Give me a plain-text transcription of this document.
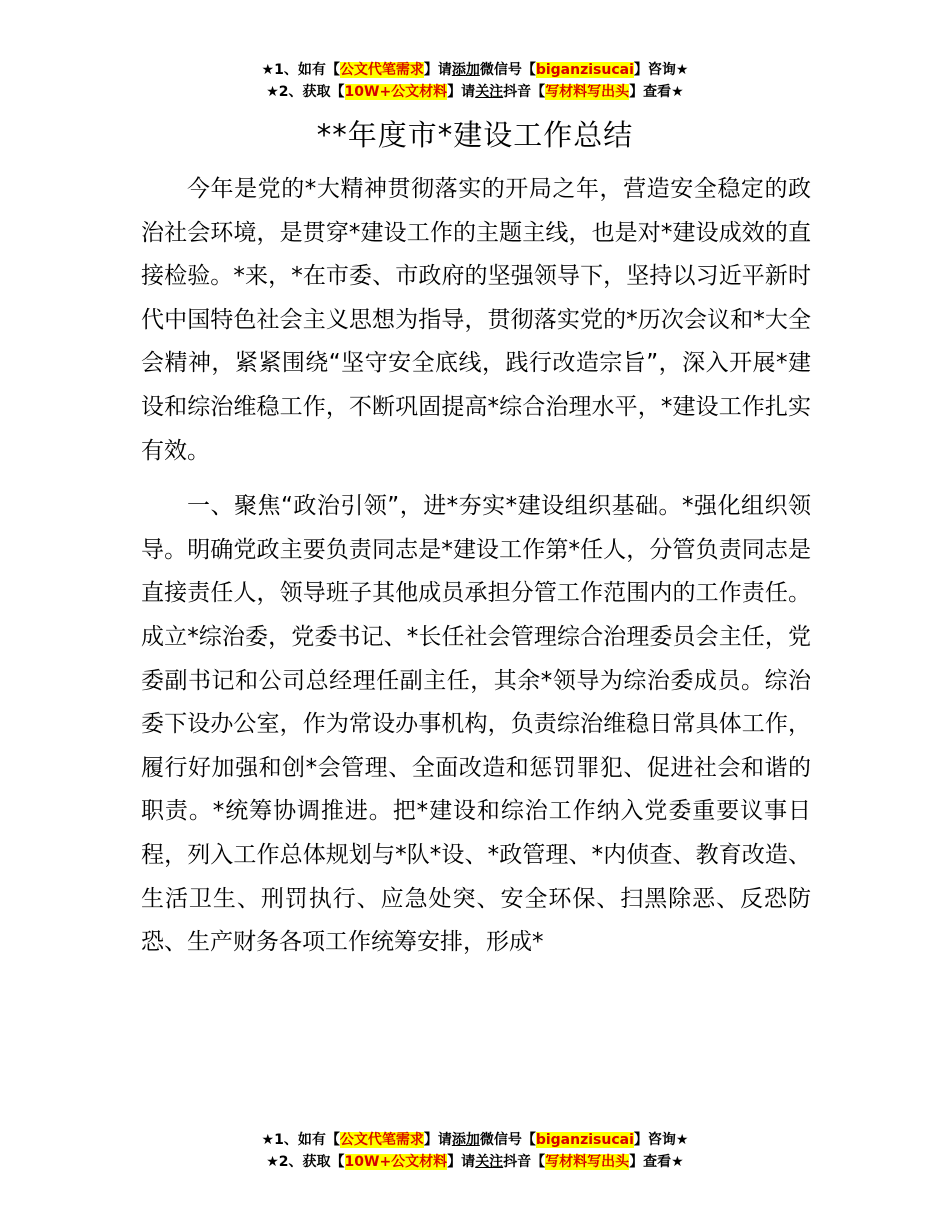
★1、如有【公文代笔需求】请添加微信号【biganzisucai】咨询★
★2、获取【10W+公文材料】请关注抖音【写材料写出头】查看★
**年度市*建设工作总结

今年是党的*大精神贯彻落实的开局之年，营造安全稳定的政治社会环境，是贯穿*建设工作的主题主线，也是对*建设成效的直接检验。*来，*在市委、市政府的坚强领导下，坚持以习近平新时代中国特色社会主义思想为指导，贯彻落实党的*历次会议和*大全会精神，紧紧围绕“坚守安全底线，践行改造宗旨”，深入开展*建设和综治维稳工作，不断巩固提高*综合治理水平，*建设工作扎实有效。

一、聚焦“政治引领”，进*夯实*建设组织基础。*强化组织领导。明确党政主要负责同志是*建设工作第*任人，分管负责同志是直接责任人，领导班子其他成员承担分管工作范围内的工作责任。成立*综治委，党委书记、*长任社会管理综合治理委员会主任，党委副书记和公司总经理任副主任，其余*领导为综治委成员。综治委下设办公室，作为常设办事机构，负责综治维稳日常具体工作，履行好加强和创*会管理、全面改造和惩罚罪犯、促进社会和谐的职责。*统筹协调推进。把*建设和综治工作纳入党委重要议事日程，列入工作总体规划与*队*设、*政管理、*内侦查、教育改造、生活卫生、刑罚执行、应急处突、安全环保、扫黑除恶、反恐防恐、生产财务各项工作统筹安排，形成*

★1、如有【公文代笔需求】请添加微信号【biganzisucai】咨询★
★2、获取【10W+公文材料】请关注抖音【写材料写出头】查看★
